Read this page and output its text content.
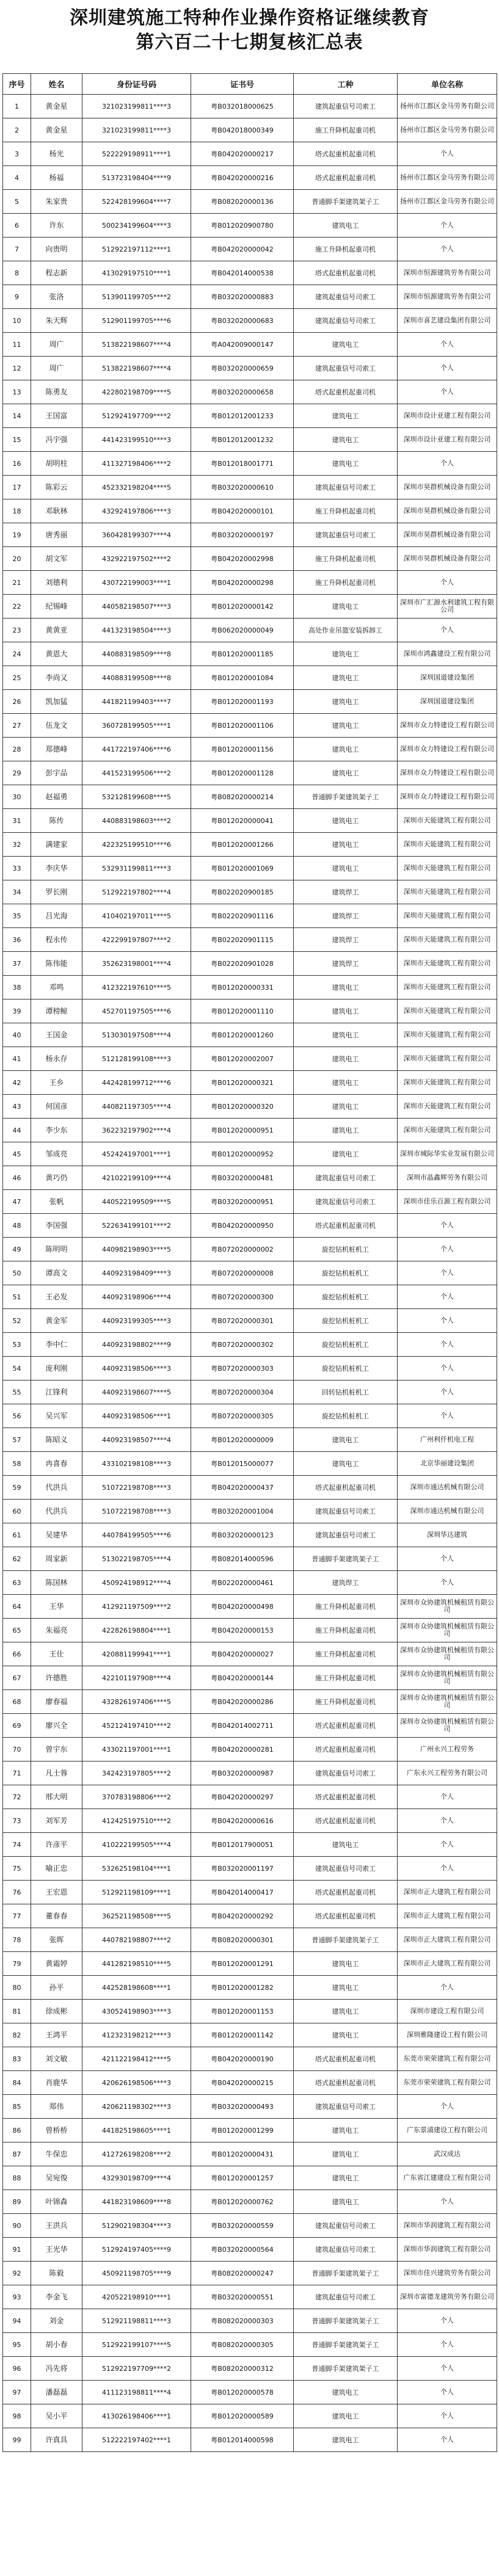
深圳建筑施工特种作业操作资格证继续教育
第六百二十七期复核汇总表
序号	姓名	身份证号码	证书号	工种	单位名称
1	黄金星	321023199811****3	粤B032018000625	建筑起重信号司索工	扬州市江都区金马劳务有限公司
2	黄金星	321023199811****3	粤B042018000349	施工升降机起重司机	扬州市江都区金马劳务有限公司
3	杨光	522229198911****1	粤B042020000217	塔式起重机起重司机	个人
4	杨福	513723198404****9	粤B042020000216	塔式起重机起重司机	扬州市江都区金马劳务有限公司
5	朱家贵	522428199604****7	粤B082020000136	普通脚手架建筑架子工	扬州市江都区金马劳务有限公司
6	许东	500234199604****3	粤B012020900780	建筑电工	个人
7	向贵明	512922197112****1	粤B042020000042	施工升降机起重司机	个人
8	程志新	413029197510****1	粤B042014000538	塔式起重机起重司机	深圳市恒源建筑劳务有限公司
9	张洛	513901199705****2	粤B032020000883	建筑起重信号司索工	深圳市恒源建筑劳务有限公司
10	朱天辉	512901199705****6	粤B032020000683	建筑起重信号司索工	深圳市喜艺建设集团有限公司
11	周广	513822198607****4	粤A042009000147	建筑电工	个人
12	周广	513822198607****4	粤B032020000659	建筑起重信号司索工	个人
13	陈勇友	422802198709****5	粤B032020000658	塔式起重机起重司机	个人
14	王国富	512924197709****2	粤B012012001233	建筑电工	深圳市设计亚建工程有限公司
15	冯宇强	441423199510****3	粤B012012001232	建筑电工	深圳市设计亚建工程有限公司
16	胡明柱	411327198406****2	粤B012018001771	建筑电工	个人
17	陈彩云	452332198204****5	粤B032020000610	建筑起重信号司索工	深圳市昊群机械设备有限公司
18	邓耿林	432924197806****3	粤B042020000101	施工升降机起重司机	深圳市昊群机械设备有限公司
19	唐秀丽	360428199307****4	粤B032020000197	建筑起重信号司索工	深圳市昊群机械设备有限公司
20	胡文军	432922197502****2	粤B042020002998	施工升降机起重司机	深圳市昊群机械设备有限公司
21	刘德利	430722199003****1	粤B042020000298	施工升降机起重司机	个人
22	纪锡峰	440582198507****3	粤B012020000142	建筑电工	深圳市广汇源水利建筑工程有限公司
23	黄黄亚	441323198504****3	粤B062020000049	高处作业吊篮安装拆卸工	个人
24	黄恩大	440883198509****8	粤B012020001185	建筑电工	深圳市鸿鑫建设工程有限公司
25	李尚又	440883199508****8	粤B012020001084	建筑电工	深圳国道建设集团
26	凯加猛	441821199403****7	粤B012020001193	建筑电工	深圳国道建设集团
27	伍龙文	360728199505****1	粤B012020001106	建筑电工	深圳市众力特建设工程有限公司
28	郑德峰	441722197406****6	粤B012020001156	建筑电工	深圳市众力特建设工程有限公司
29	彭宇品	441523199506****2	粤B012020001128	建筑电工	深圳市众力特建设工程有限公司
30	赵福勇	532128199608****5	粤B082020000214	普通脚手架建筑架子工	深圳市众力特建设工程有限公司
31	陈传	440883198603****2	粤B012020000041	建筑电工	深圳市天能建筑工程有限公司
32	满建家	422325199510****6	粤B012020001266	建筑电工	深圳市天能建筑工程有限公司
33	李庆华	532931199811****3	粤B012020001069	建筑电工	深圳市天能建筑工程有限公司
34	罗长刚	512922197802****4	粤B022020900185	建筑焊工	深圳市天能建筑工程有限公司
35	吕光海	410402197011****5	粤B022020901116	建筑焊工	深圳市天能建筑工程有限公司
36	程永传	422299197807****2	粤B022020901115	建筑焊工	深圳市天能建筑工程有限公司
37	陈伟能	352623198001****4	粤B022020901028	建筑焊工	深圳市天能建筑工程有限公司
38	邓鸣	412322197610****5	粤B012020000331	建筑电工	深圳市天能建筑工程有限公司
39	谭榜鲸	452701197505****6	粤B012020001110	建筑电工	深圳市天能建筑工程有限公司
40	王国金	513030197508****4	粤B012020001260	建筑电工	深圳市天能建筑工程有限公司
41	杨永存	512128199108****3	粤B012020002007	建筑电工	深圳市天能建筑工程有限公司
42	王乡	442428199712****6	粤B012020000321	建筑电工	深圳市天能建筑工程有限公司
43	何国彦	440821197305****4	粤B012020000320	建筑电工	深圳市天能建筑工程有限公司
44	李少东	362232197902****4	粤B012020000951	建筑电工	深圳市天能建筑工程有限公司
45	邹成亮	452424197001****1	粤B012020000952	建筑电工	深圳市城际华实业发展有限公司
46	黄巧仍	421022199109****4	粤B032020000481	建筑起重信号司索工	深圳市晶鑫辉劳务有限公司
47	张帆	440522199509****5	粤B032020000951	建筑起重信号司索工	深圳市佳乐百源工程有限公司
48	李国强	522634199101****2	粤B042020000950	塔式起重机起重司机	个人
49	陈明明	440982198903****5	粤B072020000002	旋挖钻机桩机工	个人
50	谭高文	440923198409****3	粤B072020000008	旋挖钻机桩机工	个人
51	王必发	440923198906****4	粤B072020000300	旋挖钻机桩机工	个人
52	黄金军	440923199305****3	粤B072020000301	旋挖钻机桩机工	个人
53	李中仁	440923198802****9	粤B072020000302	旋挖钻机桩机工	个人
54	庞利刚	440923198506****3	粤B072020000303	旋挖钻机桩机工	个人
55	江锋利	440923198607****5	粤B072020000304	回转钻机桩机工	个人
56	吴兴军	440923198506****1	粤B072020000305	旋挖钻机桩机工	个人
57	陈昭义	440923198507****4	粤B012020000009	建筑电工	广州利仟机电工程
58	冉喜春	433102198108****3	粤B012015000077	建筑电工	北京华丽建设集团
59	代洪兵	510722198708****3	粤B042020000437	塔式起重机起重司机	深圳市通达机械有限公司
60	代洪兵	510722198708****3	粤B032020001004	建筑起重信号司索工	深圳市通达机械有限公司
61	吴建华	440784199505****6	粤B032020000123	建筑起重信号司索工	深圳华达建筑
62	周家新	513022198705****4	粤B082014000596	普通脚手架建筑架子工	个人
63	陈国林	450924198912****4	粤B022020000461	建筑焊工	个人
64	王华	412921197509****2	粤B042020000498	施工升降机起重司机	深圳市众协建筑机械租赁有限公司
65	朱福亮	422826198804****1	粤B042020000153	施工升降机起重司机	深圳市众协建筑机械租赁有限公司
66	王仕	420881199941****1	粤B042020000027	施工升降机起重司机	深圳市众协建筑机械租赁有限公司
67	许德胜	422101197908****4	粤B042020000144	施工升降机起重司机	深圳市众协建筑机械租赁有限公司
68	廖春福	432826197406****5	粤B042020000286	施工升降机起重司机	深圳市众协建筑机械租赁有限公司
69	廖兴全	452124197410****2	粤B042014002711	塔式起重机起重司机	深圳市众协建筑机械租赁有限公司
70	曾宇东	433021197001****1	粤B042020000281	塔式起重机起重司机	广州永兴工程劳务
71	凡士蓉	342423197805****2	粤B032020000987	建筑起重信号司索工	广东永兴工程劳务有限公司
72	邢大明	370783198806****2	粤B042020000297	塔式起重机起重司机	个人
73	刘军芳	412425197510****2	粤B042020000616	塔式起重机起重司机	个人
74	许彦平	410222199505****4	粤B012017900051	建筑电工	个人
75	喻正忠	532625198104****1	粤B032020001197	建筑起重信号司索工	个人
76	王宏恩	512921198109****1	粤B042014000417	塔式起重机起重司机	深圳市正大建筑工程有限公司
77	董春春	362521198508****5	粤B042020000292	塔式起重机起重司机	深圳市正大建筑工程有限公司
78	张晖	440782198807****2	粤B082020000301	普通脚手架建筑架子工	深圳市正大建筑工程有限公司
79	黄霜婷	441282198510****5	粤B012020001291	建筑电工	深圳市正大建筑工程有限公司
80	孙平	442528198608****1	粤B012020001282	建筑电工	个人
81	徐成彬	430524198903****3	粤B012020001153	建筑电工	深圳市建设工程有限公司
82	王鸿平	412323198212****3	粤B012020001142	建筑电工	深圳雅隆建设工程有限公司
83	刘文敏	421122198412****5	粤B042020000190	塔式起重机起重司机	东莞市荣荣建筑工程有限公司
84	肖鹿华	420626198506****3	粤B042020000215	塔式起重机起重司机	东莞市荣荣建筑工程有限公司
85	郑伟	420621198302****3	粤B032020000493	建筑起重信号司索工	个人
86	曾桥桥	441825198605****1	粤B012020001299	建筑电工	广东景浦建设工程有限公司
87	牛保忠	412726198208****2	粤B012020000431	建筑电工	武汉成达
88	吴宛俊	432930198709****4	粤B012020001257	建筑电工	广东省江建建设工程有限公司
89	叶锦森	441823198609****8	粤B012020000762	建筑电工	个人
90	王洪兵	512902198304****3	粤B032020000559	建筑起重信号司索工	深圳市华润建筑工程有限公司
91	王光华	512924197405****9	粤B032020000564	建筑起重信号司索工	深圳市华润建筑工程有限公司
92	陈毅	450921198705****9	粤B082020000247	普通脚手架建筑架子工	深圳市佳兴建筑劳务有限公司
93	李金飞	420522198910****1	粤B032020000551	建筑起重信号司索工	深圳市富德龙建筑劳务有限公司
94	刘金	512921198811****3	粤B082020000303	普通脚手架建筑架子工	个人
95	胡小春	512922199107****5	粤B082020000305	普通脚手架建筑架子工	个人
96	冯先将	512922197709****2	粤B082020000312	普通脚手架建筑架子工	个人
97	潘磊磊	411123198811****4	粤B012020000578	建筑电工	个人
98	吴小平	413026198406****1	粤B012020000589	建筑电工	个人
99	许真具	512222197402****1	粤B012014000598	建筑电工	个人
